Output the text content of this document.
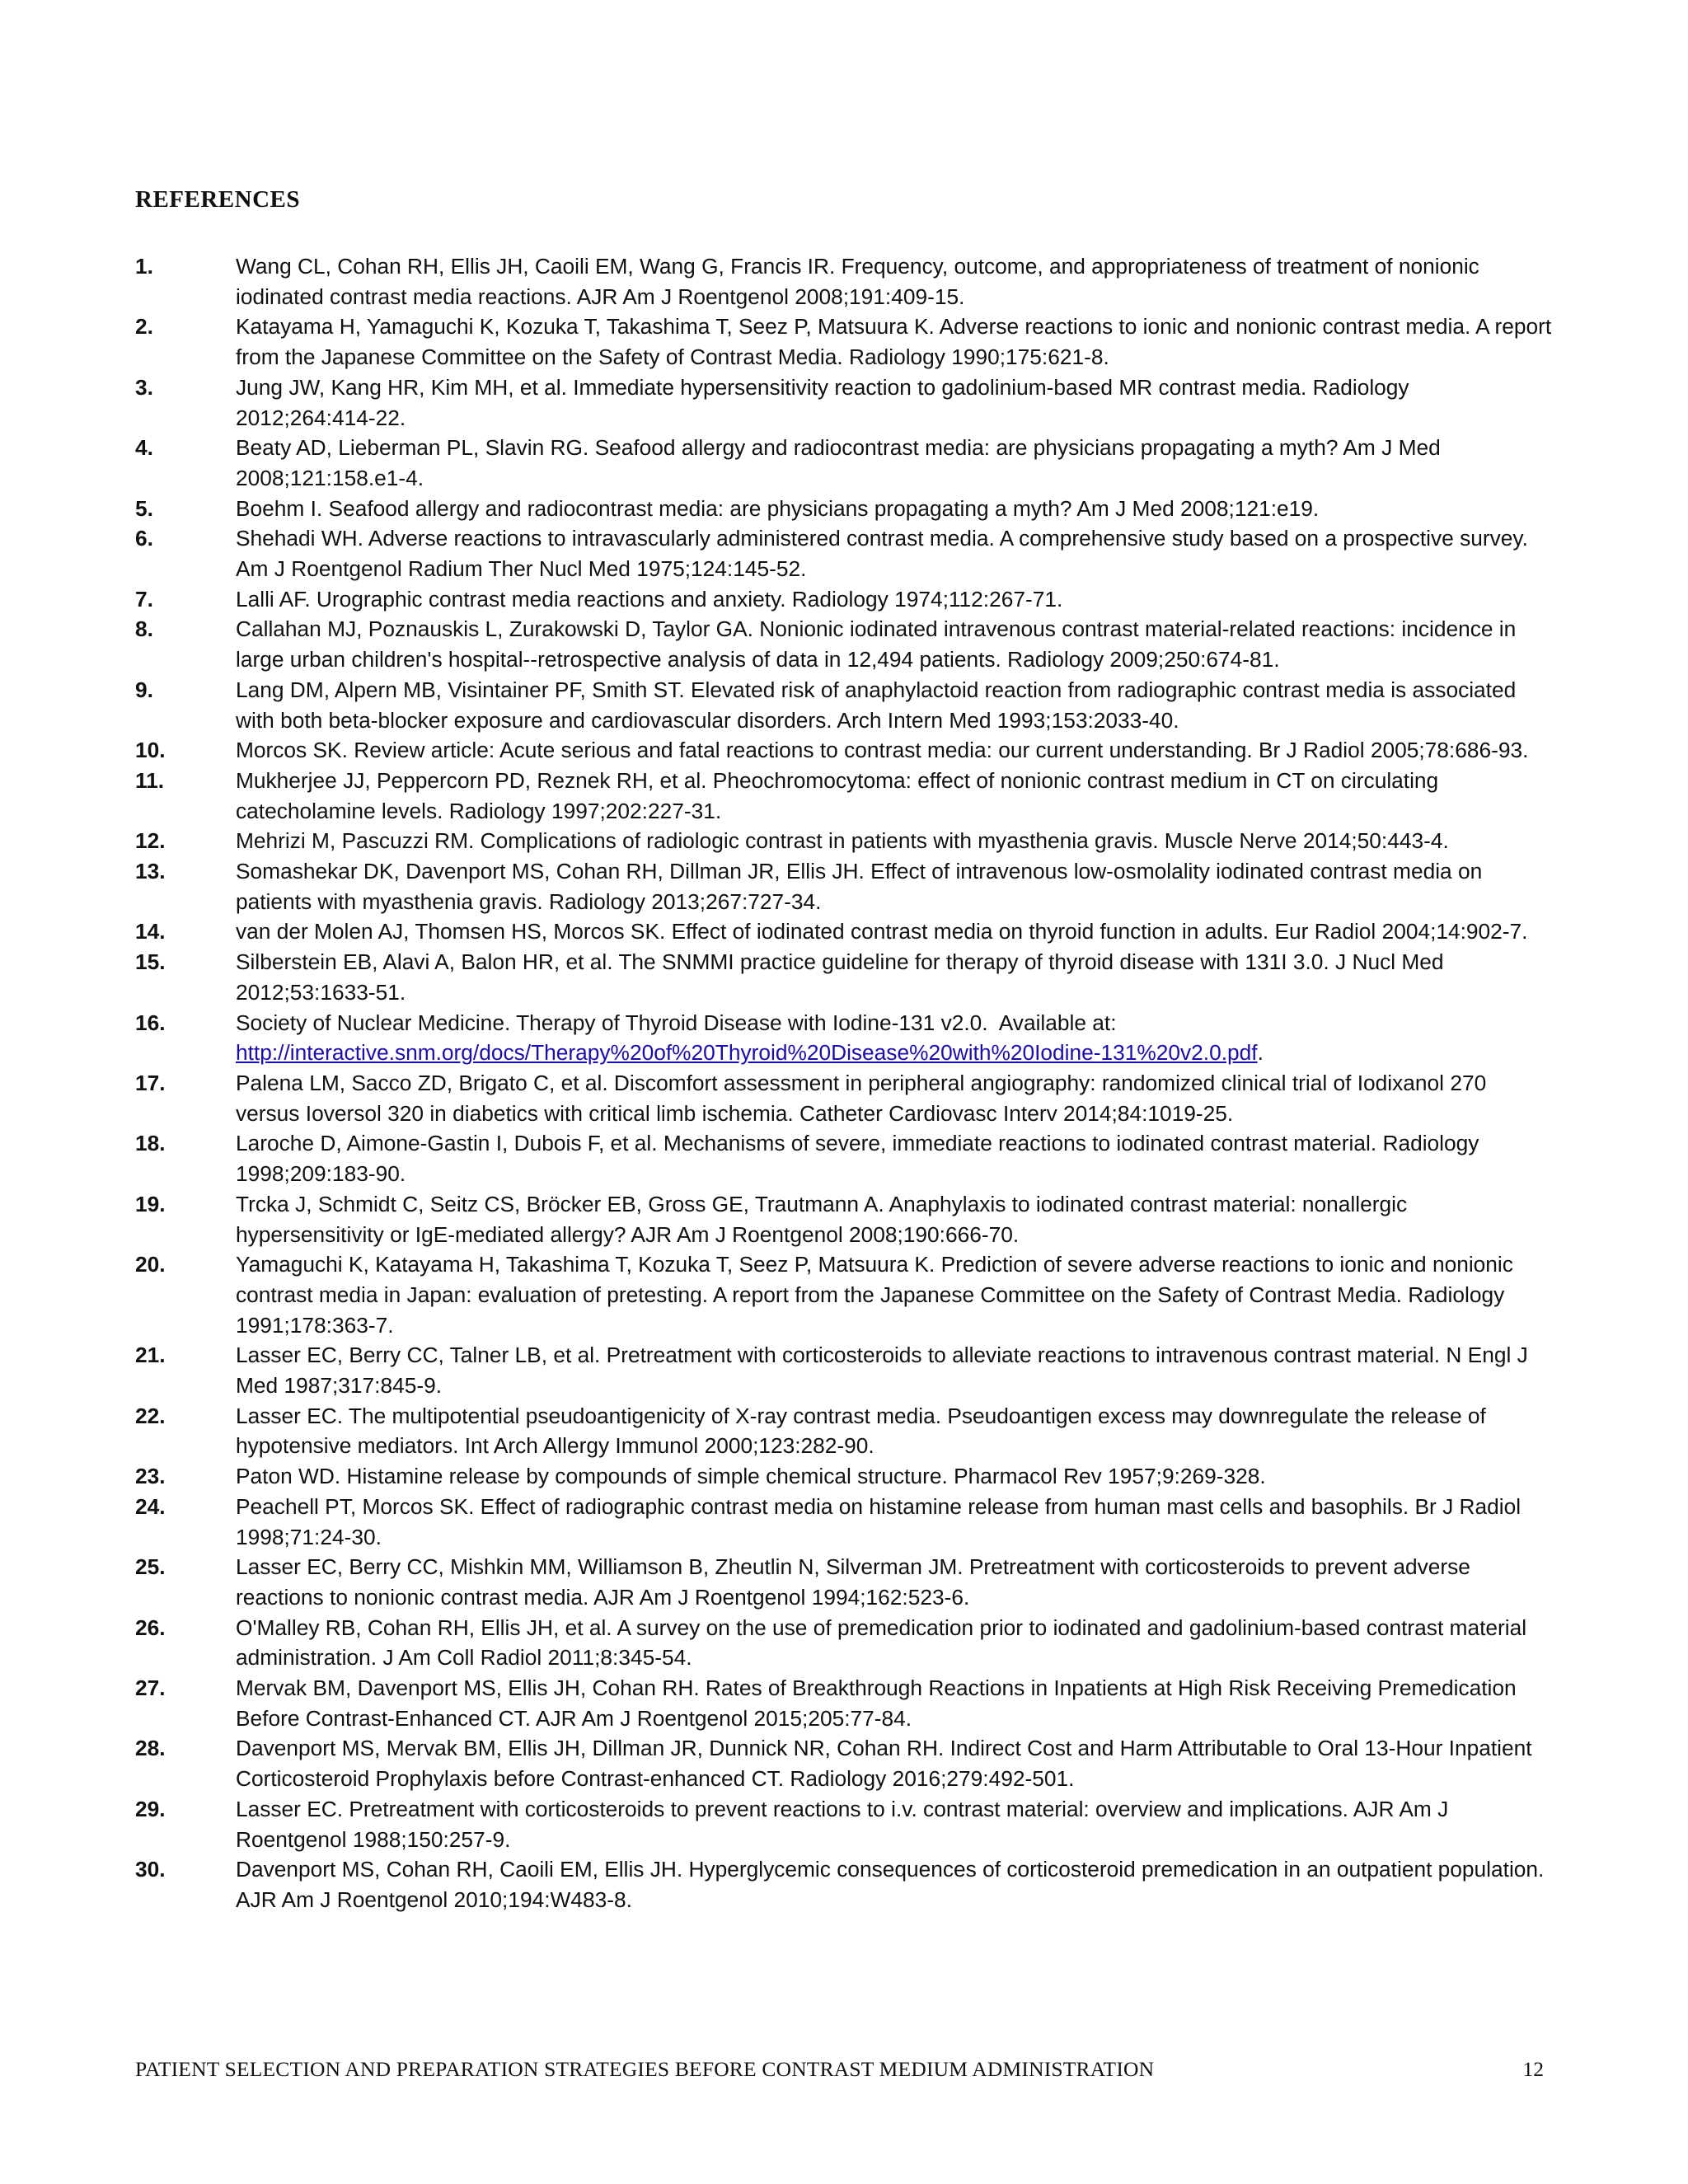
REFERENCES
1.	Wang CL, Cohan RH, Ellis JH, Caoili EM, Wang G, Francis IR. Frequency, outcome, and appropriateness of treatment of nonionic iodinated contrast media reactions. AJR Am J Roentgenol 2008;191:409-15.
2.	Katayama H, Yamaguchi K, Kozuka T, Takashima T, Seez P, Matsuura K. Adverse reactions to ionic and nonionic contrast media. A report from the Japanese Committee on the Safety of Contrast Media. Radiology 1990;175:621-8.
3.	Jung JW, Kang HR, Kim MH, et al. Immediate hypersensitivity reaction to gadolinium-based MR contrast media. Radiology 2012;264:414-22.
4.	Beaty AD, Lieberman PL, Slavin RG. Seafood allergy and radiocontrast media: are physicians propagating a myth? Am J Med 2008;121:158.e1-4.
5.	Boehm I. Seafood allergy and radiocontrast media: are physicians propagating a myth? Am J Med 2008;121:e19.
6.	Shehadi WH. Adverse reactions to intravascularly administered contrast media. A comprehensive study based on a prospective survey. Am J Roentgenol Radium Ther Nucl Med 1975;124:145-52.
7.	Lalli AF. Urographic contrast media reactions and anxiety. Radiology 1974;112:267-71.
8.	Callahan MJ, Poznauskis L, Zurakowski D, Taylor GA. Nonionic iodinated intravenous contrast material-related reactions: incidence in large urban children's hospital--retrospective analysis of data in 12,494 patients. Radiology 2009;250:674-81.
9.	Lang DM, Alpern MB, Visintainer PF, Smith ST. Elevated risk of anaphylactoid reaction from radiographic contrast media is associated with both beta-blocker exposure and cardiovascular disorders. Arch Intern Med 1993;153:2033-40.
10.	Morcos SK. Review article: Acute serious and fatal reactions to contrast media: our current understanding. Br J Radiol 2005;78:686-93.
11.	Mukherjee JJ, Peppercorn PD, Reznek RH, et al. Pheochromocytoma: effect of nonionic contrast medium in CT on circulating catecholamine levels. Radiology 1997;202:227-31.
12.	Mehrizi M, Pascuzzi RM. Complications of radiologic contrast in patients with myasthenia gravis. Muscle Nerve 2014;50:443-4.
13.	Somashekar DK, Davenport MS, Cohan RH, Dillman JR, Ellis JH. Effect of intravenous low-osmolality iodinated contrast media on patients with myasthenia gravis. Radiology 2013;267:727-34.
14.	van der Molen AJ, Thomsen HS, Morcos SK. Effect of iodinated contrast media on thyroid function in adults. Eur Radiol 2004;14:902-7.
15.	Silberstein EB, Alavi A, Balon HR, et al. The SNMMI practice guideline for therapy of thyroid disease with 131I 3.0. J Nucl Med 2012;53:1633-51.
16.	Society of Nuclear Medicine. Therapy of Thyroid Disease with Iodine-131 v2.0.  Available at:
http://interactive.snm.org/docs/Therapy%20of%20Thyroid%20Disease%20with%20Iodine-131%20v2.0.pdf.
17.	Palena LM, Sacco ZD, Brigato C, et al. Discomfort assessment in peripheral angiography: randomized clinical trial of Iodixanol 270 versus Ioversol 320 in diabetics with critical limb ischemia. Catheter Cardiovasc Interv 2014;84:1019-25.
18.	Laroche D, Aimone-Gastin I, Dubois F, et al. Mechanisms of severe, immediate reactions to iodinated contrast material. Radiology 1998;209:183-90.
19.	Trcka J, Schmidt C, Seitz CS, Bröcker EB, Gross GE, Trautmann A. Anaphylaxis to iodinated contrast material: nonallergic hypersensitivity or IgE-mediated allergy? AJR Am J Roentgenol 2008;190:666-70.
20.	Yamaguchi K, Katayama H, Takashima T, Kozuka T, Seez P, Matsuura K. Prediction of severe adverse reactions to ionic and nonionic contrast media in Japan: evaluation of pretesting. A report from the Japanese Committee on the Safety of Contrast Media. Radiology 1991;178:363-7.
21.	Lasser EC, Berry CC, Talner LB, et al. Pretreatment with corticosteroids to alleviate reactions to intravenous contrast material. N Engl J Med 1987;317:845-9.
22.	Lasser EC. The multipotential pseudoantigenicity of X-ray contrast media. Pseudoantigen excess may downregulate the release of hypotensive mediators. Int Arch Allergy Immunol 2000;123:282-90.
23.	Paton WD. Histamine release by compounds of simple chemical structure. Pharmacol Rev 1957;9:269-328.
24.	Peachell PT, Morcos SK. Effect of radiographic contrast media on histamine release from human mast cells and basophils. Br J Radiol 1998;71:24-30.
25.	Lasser EC, Berry CC, Mishkin MM, Williamson B, Zheutlin N, Silverman JM. Pretreatment with corticosteroids to prevent adverse reactions to nonionic contrast media. AJR Am J Roentgenol 1994;162:523-6.
26.	O'Malley RB, Cohan RH, Ellis JH, et al. A survey on the use of premedication prior to iodinated and gadolinium-based contrast material administration. J Am Coll Radiol 2011;8:345-54.
27.	Mervak BM, Davenport MS, Ellis JH, Cohan RH. Rates of Breakthrough Reactions in Inpatients at High Risk Receiving Premedication Before Contrast-Enhanced CT. AJR Am J Roentgenol 2015;205:77-84.
28.	Davenport MS, Mervak BM, Ellis JH, Dillman JR, Dunnick NR, Cohan RH. Indirect Cost and Harm Attributable to Oral 13-Hour Inpatient Corticosteroid Prophylaxis before Contrast-enhanced CT. Radiology 2016;279:492-501.
29.	Lasser EC. Pretreatment with corticosteroids to prevent reactions to i.v. contrast material: overview and implications. AJR Am J Roentgenol 1988;150:257-9.
30.	Davenport MS, Cohan RH, Caoili EM, Ellis JH. Hyperglycemic consequences of corticosteroid premedication in an outpatient population. AJR Am J Roentgenol 2010;194:W483-8.
PATIENT SELECTION AND PREPARATION STRATEGIES BEFORE CONTRAST MEDIUM ADMINISTRATION	12
